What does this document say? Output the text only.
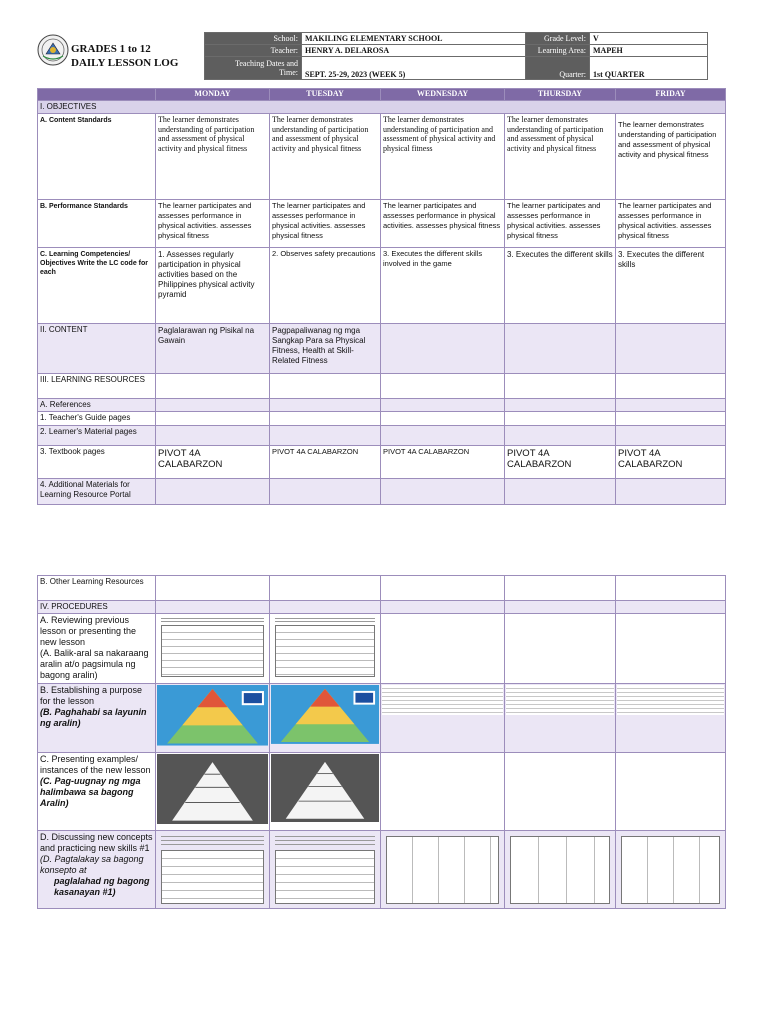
GRADES 1 to 12
DAILY LESSON LOG
School:	MAKILING ELEMENTARY SCHOOL	Grade Level:	V
Teacher:	HENRY A. DELAROSA	Learning Area:	MAPEH

Teaching Dates and
Time:	SEPT. 25-29, 2023 (WEEK 5)	Quarter:	1st QUARTER
	MONDAY	TUESDAY	WEDNESDAY	THURSDAY	FRIDAY
I. OBJECTIVES					
A. Content Standards	The learner demonstrates understanding of participation and assessment of physical activity and physical fitness	The learner demonstrates understanding of participation and assessment of physical activity and physical fitness	The learner demonstrates understanding of participation and assessment of physical activity and physical fitness	The learner demonstrates understanding of participation and assessment of physical activity and physical fitness	The learner demonstrates understanding of participation and assessment of physical activity and physical fitness
B. Performance Standards	The learner participates and assesses performance in physical activities. assesses physical fitness	The learner participates and assesses performance in physical activities. assesses physical fitness	The learner participates and assesses performance in physical activities. assesses physical fitness	The learner participates and assesses performance in physical activities. assesses physical fitness	The learner participates and assesses performance in physical activities. assesses physical fitness
C. Learning Competencies/ Objectives Write the LC code for each	1. Assesses regularly participation in physical activities based on the Philippines physical activity pyramid	2. Observes safety precautions	3. Executes the different skills involved in the game	3. Executes the different skills	3. Executes the different skills
II. CONTENT	Paglalarawan ng Pisikal na Gawain	Pagpapaliwanag ng mga Sangkap Para sa Physical Fitness, Health at Skill-Related Fitness			
III. LEARNING RESOURCES					
A. References					
1. Teacher's Guide pages					
2. Learner's Material pages					
3. Textbook pages	PIVOT 4A CALABARZON	PIVOT 4A CALABARZON	PIVOT 4A CALABARZON	PIVOT 4A CALABARZON	PIVOT 4A CALABARZON
4. Additional Materials for Learning Resource Portal					
B. Other Learning Resources					
IV. PROCEDURES					

A. Reviewing previous lesson or presenting the new lesson
(A. Balik-aral sa nakaraang aralin at/o pagsimula ng bagong aralin)					

B. Establishing a purpose for the lesson
(B. Paghahabi sa layunin ng aralin)

C. Presenting examples/ instances of the new lesson
(C. Pag-uugnay ng mga halimbawa sa bagong Aralin)

D. Discussing new concepts and practicing new skills #1
(D. Pagtalakay sa bagong konsepto at
paglalahad ng bagong kasanayan #1)					
